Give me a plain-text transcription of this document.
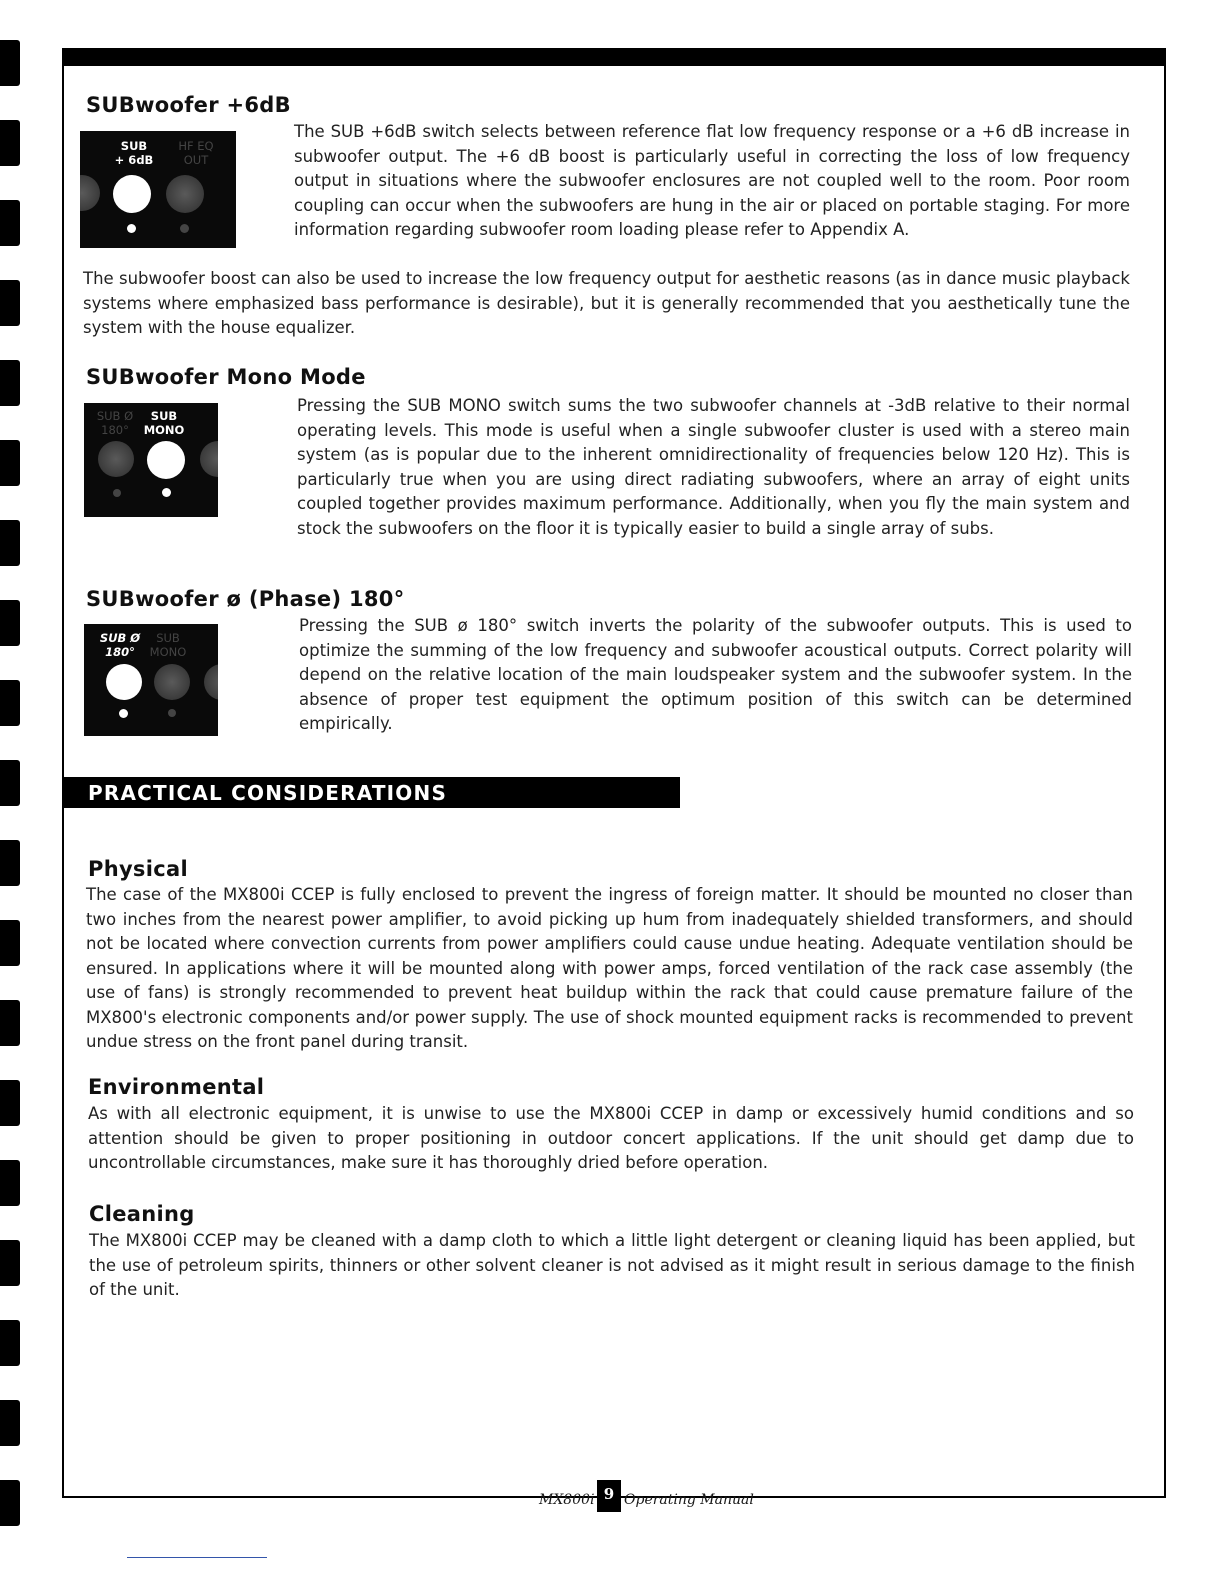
SUBwoofer +6dB
SUB
+ 6dB
HF EQ
OUT

The SUB +6dB switch selects between reference flat low frequency response or a +6 dB increase in subwoofer output. The +6 dB boost is particularly useful in correcting the loss of low frequency output in situations where the subwoofer enclosures are not coupled well to the room. Poor room coupling can occur when the subwoofers are hung in the air or placed on portable staging. For more information regarding subwoofer room loading please refer to Appendix A.

The subwoofer boost can also be used to increase the low frequency output for aesthetic reasons (as in dance music playback systems where emphasized bass performance is desirable), but it is generally recommended that you aesthetically tune the system with the house equalizer.

SUBwoofer Mono Mode
SUB Ø
180°
SUB
MONO

Pressing the SUB MONO switch sums the two subwoofer channels at -3dB relative to their normal operating levels. This mode is useful when a single subwoofer cluster is used with a stereo main system (as is popular due to the inherent omnidirectionality of frequencies below 120 Hz). This is particularly true when you are using direct radiating subwoofers, where an array of eight units coupled together provides maximum performance. Additionally, when you fly the main system and stock the subwoofers on the floor it is typically easier to build a single array of subs.

SUBwoofer ø (Phase) 180°
SUB Ø
180°
SUB
MONO

Pressing the SUB ø 180° switch inverts the polarity of the subwoofer outputs. This is used to optimize the summing of the low frequency and subwoofer acoustical outputs. Correct polarity will depend on the relative location of the main loudspeaker system and the subwoofer system. In the absence of proper test equipment the optimum position of this switch can be determined empirically.

PRACTICAL CONSIDERATIONS
Physical

The case of the MX800i CCEP is fully enclosed to prevent the ingress of foreign matter. It should be mounted no closer than two inches from the nearest power amplifier, to avoid picking up hum from inadequately shielded transformers, and should not be located where convection currents from power amplifiers could cause undue heating. Adequate ventilation should be ensured. In applications where it will be mounted along with power amps, forced ventilation of the rack case assembly (the use of fans) is strongly recommended to prevent heat buildup within the rack that could cause premature failure of the MX800's electronic components and/or power supply. The use of shock mounted equipment racks is recommended to prevent undue stress on the front panel during transit.

Environmental

As with all electronic equipment, it is unwise to use the MX800i CCEP in damp or excessively humid conditions and so attention should be given to proper positioning in outdoor concert applications. If the unit should get damp due to uncontrollable circumstances, make sure it has thoroughly dried before operation.

Cleaning

The MX800i CCEP may be cleaned with a damp cloth to which a little light detergent or cleaning liquid has been applied, but the use of petroleum spirits, thinners or other solvent cleaner is not advised as it might result in serious damage to the finish of the unit.

MX800i 9 Operating Manual
